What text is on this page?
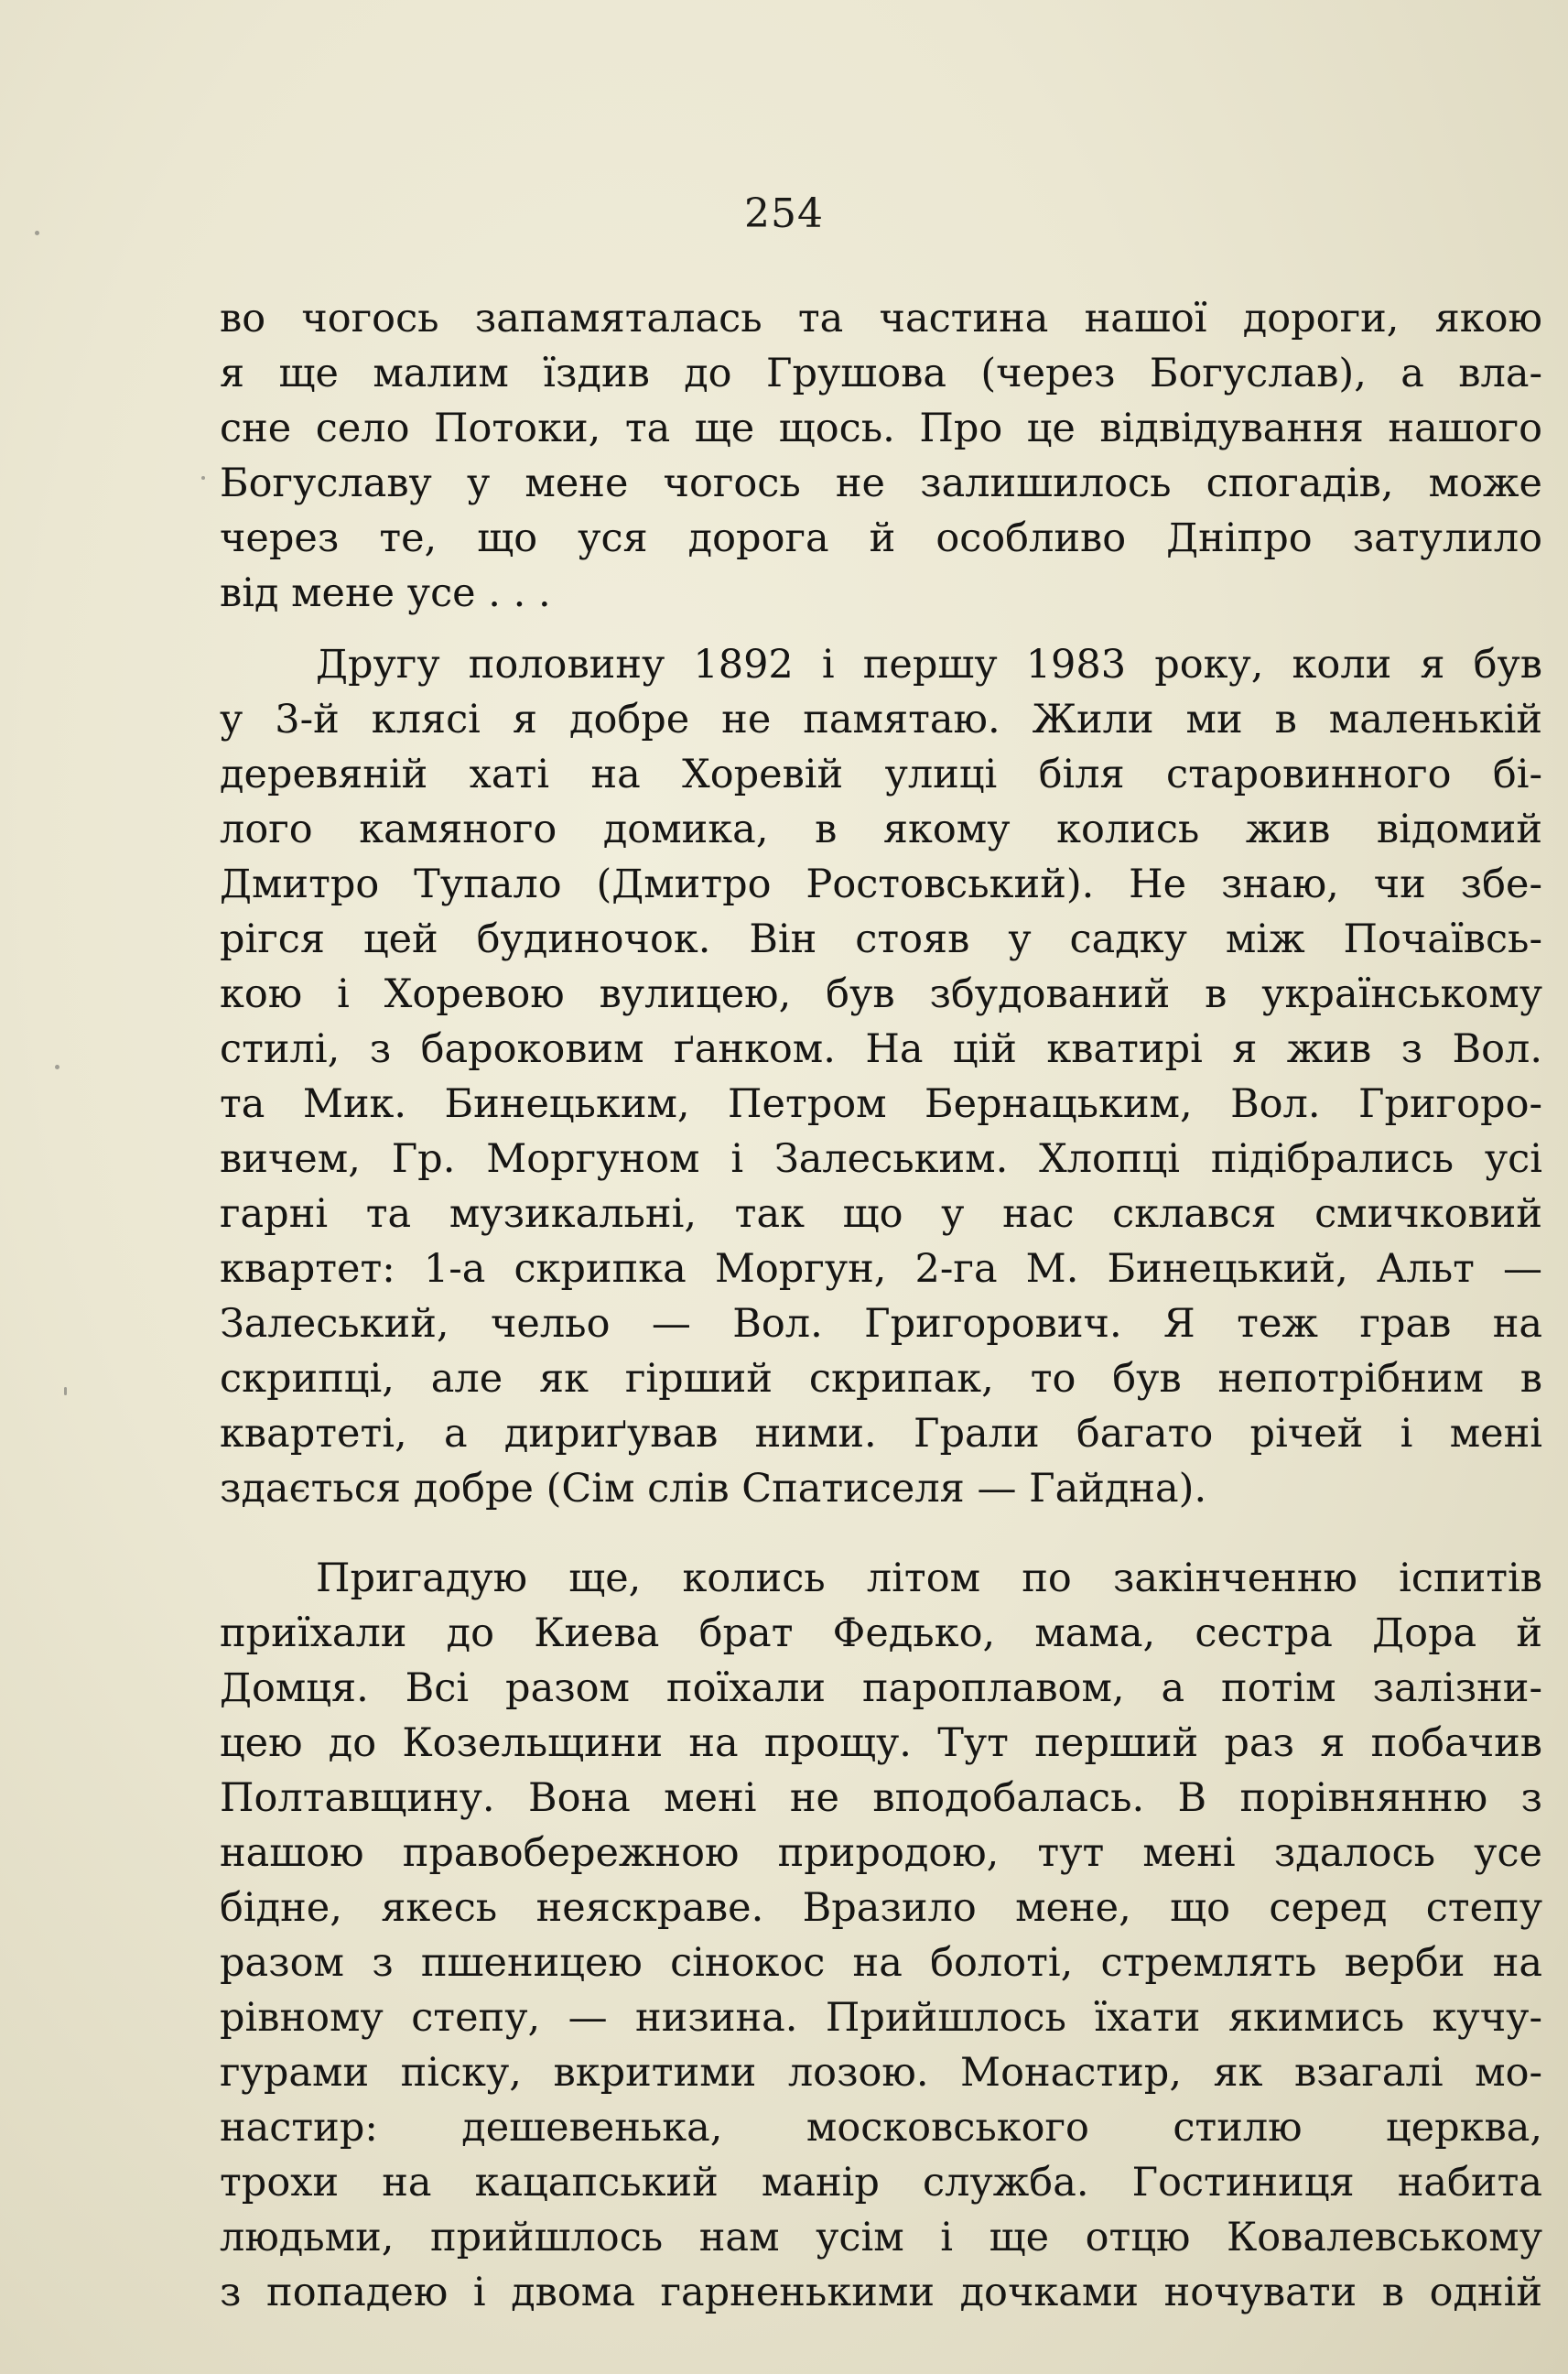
254
во чогось запамяталась та частина нашої дороги, якою
я ще малим їздив до Грушова (через Богуслав), а вла-
сне село Потоки, та ще щось. Про це відвідування нашого
Богуславу у мене чогось не залишилось спогадів, може
через те, що уся дорога й особливо Дніпро затулило
від мене усе . . .
Другу половину 1892 і першу 1983 року, коли я був
у 3-й клясі я добре не памятаю. Жили ми в маленькій
деревяній хаті на Хоревій улиці біля старовинного бі-
лого камяного домика, в якому колись жив відомий
Дмитро Тупало (Дмитро Ростовський). Не знаю, чи збе-
рігся цей будиночок. Він стояв у садку між Почаївсь-
кою і Хоревою вулицею, був збудований в українському
стилі, з бароковим ґанком. На цій кватирі я жив з Вол.
та Мик. Бинецьким, Петром Бернацьким, Вол. Григоро-
вичем, Гр. Моргуном і Залеським. Хлопці підібрались усі
гарні та музикальні, так що у нас склався смичковий
квартет: 1-а скрипка Моргун, 2-га М. Бинецький, Альт —
Залеський, чельо — Вол. Григорович. Я теж грав на
скрипці, але як гірший скрипак, то був непотрібним в
квартеті, а дириґував ними. Грали багато річей і мені
здається добре (Сім слів Спатиселя — Гайдна).
Пригадую ще, колись літом по закінченню іспитів
приїхали до Киева брат Федько, мама, сестра Дора й
Домця. Всі разом поїхали пароплавом, а потім залізни-
цею до Козельщини на прощу. Тут перший раз я побачив
Полтавщину. Вона мені не вподобалась. В порівнянню з
нашою правобережною природою, тут мені здалось усе
бідне, якесь неяскраве. Вразило мене, що серед степу
разом з пшеницею сінокос на болоті, стремлять верби на
рівному степу, — низина. Прийшлось їхати якимись кучу-
гурами піску, вкритими лозою. Монастир, як взагалі мо-
настир: дешевенька, московського стилю церква,
трохи на кацапський манір служба. Гостиниця набита
людьми, прийшлось нам усім і ще отцю Ковалевському
з попадею і двома гарненькими дочками ночувати в одній
